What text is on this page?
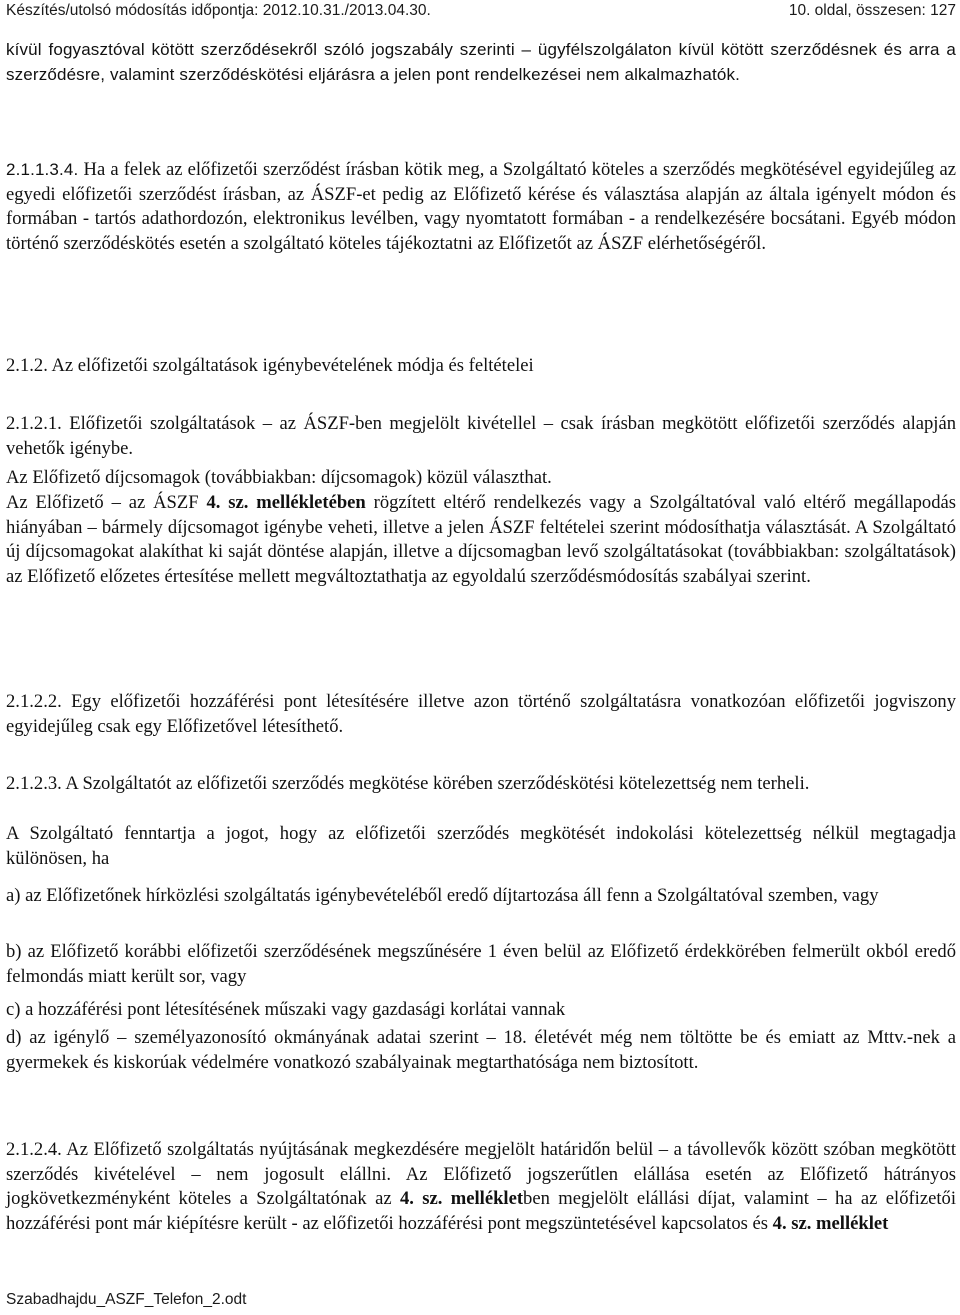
Készítés/utolsó módosítás időpontja: 2012.10.31./2013.04.30.	10. oldal, összesen: 127

kívül fogyasztóval kötött szerződésekről szóló jogszabály szerinti – ügyfélszolgálaton kívül kötött szerződésnek és arra a szerződésre, valamint szerződéskötési eljárásra a jelen pont rendelkezései nem alkalmazhatók.

2.1.1.3.4. Ha a felek az előfizetői szerződést írásban kötik meg, a Szolgáltató köteles a szerződés megkötésével egyidejűleg az egyedi előfizetői szerződést írásban, az ÁSZF-et pedig az Előfizető kérése és választása alapján az általa igényelt módon és formában - tartós adathordozón, elektronikus levélben, vagy nyomtatott formában - a rendelkezésére bocsátani. Egyéb módon történő szerződéskötés esetén a szolgáltató köteles tájékoztatni az Előfizetőt az ÁSZF elérhetőségéről.

2.1.2. Az előfizetői szolgáltatások igénybevételének módja és feltételei

2.1.2.1. Előfizetői szolgáltatások – az ÁSZF-ben megjelölt kivétellel – csak írásban megkötött előfizetői szerződés alapján vehetők igénybe.

Az Előfizető díjcsomagok (továbbiakban: díjcsomagok) közül választhat.

Az Előfizető – az ÁSZF 4. sz. mellékletében rögzített eltérő rendelkezés vagy a Szolgáltatóval való eltérő megállapodás hiányában – bármely díjcsomagot igénybe veheti, illetve a jelen ÁSZF feltételei szerint módosíthatja választását. A Szolgáltató új díjcsomagokat alakíthat ki saját döntése alapján, illetve a díjcsomagban levő szolgáltatásokat (továbbiakban: szolgáltatások) az Előfizető előzetes értesítése mellett megváltoztathatja az egyoldalú szerződésmódosítás szabályai szerint.

2.1.2.2. Egy előfizetői hozzáférési pont létesítésére illetve azon történő szolgáltatásra vonatkozóan előfizetői jogviszony egyidejűleg csak egy Előfizetővel létesíthető.

2.1.2.3. A Szolgáltatót az előfizetői szerződés megkötése körében szerződéskötési kötelezettség nem terheli.

A Szolgáltató fenntartja a jogot, hogy az előfizetői szerződés megkötését indokolási kötelezettség nélkül megtagadja különösen, ha

a) az Előfizetőnek hírközlési szolgáltatás igénybevételéből eredő díjtartozása áll fenn a Szolgáltatóval szemben, vagy

b) az Előfizető korábbi előfizetői szerződésének megszűnésére 1 éven belül az Előfizető érdekkörében felmerült okból eredő felmondás miatt került sor, vagy

c) a hozzáférési pont létesítésének műszaki vagy gazdasági korlátai vannak

d) az igénylő – személyazonosító okmányának adatai szerint – 18. életévét még nem töltötte be és emiatt az Mttv.-nek a gyermekek és kiskorúak védelmére vonatkozó szabályainak megtarthatósága nem biztosított.

2.1.2.4. Az Előfizető szolgáltatás nyújtásának megkezdésére megjelölt határidőn belül – a távollevők között szóban megkötött szerződés kivételével – nem jogosult elállni. Az Előfizető jogszerűtlen elállása esetén az Előfizető hátrányos jogkövetkezményként köteles a Szolgáltatónak az 4. sz. mellékletben megjelölt elállási díjat, valamint – ha az előfizetői hozzáférési pont már kiépítésre került - az előfizetői hozzáférési pont megszüntetésével kapcsolatos és 4. sz. melléklet

Szabadhajdu_ASZF_Telefon_2.odt
